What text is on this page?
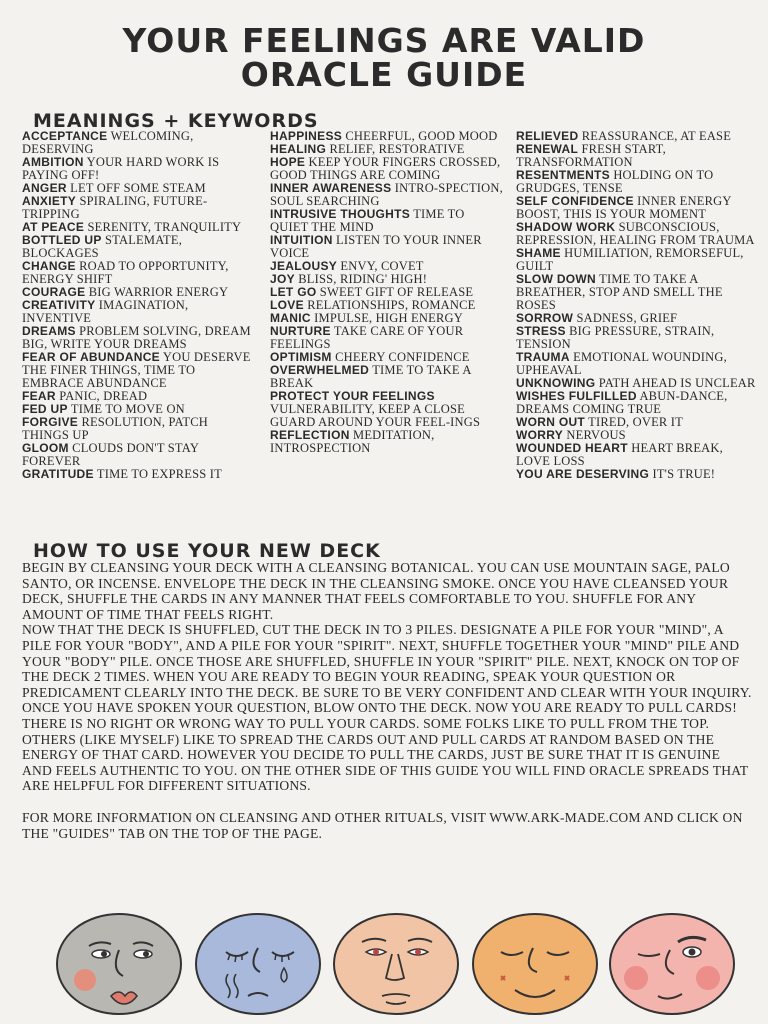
YOUR FEELINGS ARE VALID
ORACLE GUIDE
MEANINGS + KEYWORDS

ACCEPTANCE WELCOMING, DESERVING

AMBITION YOUR HARD WORK IS PAYING OFF!

ANGER LET OFF SOME STEAM

ANXIETY SPIRALING, FUTURE-TRIPPING

AT PEACE SERENITY, TRANQUILITY

BOTTLED UP STALEMATE, BLOCKAGES

CHANGE ROAD TO OPPORTUNITY, ENERGY SHIFT

COURAGE BIG WARRIOR ENERGY

CREATIVITY IMAGINATION, INVENTIVE

DREAMS PROBLEM SOLVING, DREAM BIG, WRITE YOUR DREAMS

FEAR OF ABUNDANCE YOU DESERVE THE FINER THINGS, TIME TO EMBRACE ABUNDANCE

FEAR PANIC, DREAD

FED UP TIME TO MOVE ON

FORGIVE RESOLUTION, PATCH THINGS UP

GLOOM CLOUDS DON'T STAY FOREVER

GRATITUDE TIME TO EXPRESS IT

HAPPINESS CHEERFUL, GOOD MOOD

HEALING RELIEF, RESTORATIVE

HOPE KEEP YOUR FINGERS CROSSED, GOOD THINGS ARE COMING

INNER AWARENESS INTRO-SPECTION, SOUL SEARCHING

INTRUSIVE THOUGHTS TIME TO QUIET THE MIND

INTUITION LISTEN TO YOUR INNER VOICE

JEALOUSY ENVY, COVET

JOY BLISS, RIDING' HIGH!

LET GO SWEET GIFT OF RELEASE

LOVE RELATIONSHIPS, ROMANCE

MANIC IMPULSE, HIGH ENERGY

NURTURE TAKE CARE OF YOUR FEELINGS

OPTIMISM CHEERY CONFIDENCE

OVERWHELMED TIME TO TAKE A BREAK

PROTECT YOUR FEELINGS VULNERABILITY, KEEP A CLOSE GUARD AROUND YOUR FEEL-INGS

REFLECTION MEDITATION, INTROSPECTION

RELIEVED REASSURANCE, AT EASE

RENEWAL FRESH START, TRANSFORMATION

RESENTMENTS HOLDING ON TO GRUDGES, TENSE

SELF CONFIDENCE INNER ENERGY BOOST, THIS IS YOUR MOMENT

SHADOW WORK SUBCONSCIOUS, REPRESSION, HEALING FROM TRAUMA

SHAME HUMILIATION, REMORSEFUL, GUILT

SLOW DOWN TIME TO TAKE A BREATHER, STOP AND SMELL THE ROSES

SORROW SADNESS, GRIEF

STRESS BIG PRESSURE, STRAIN, TENSION

TRAUMA EMOTIONAL WOUNDING, UPHEAVAL

UNKNOWING PATH AHEAD IS UNCLEAR

WISHES FULFILLED ABUN-DANCE, DREAMS COMING TRUE

WORN OUT TIRED, OVER IT

WORRY NERVOUS

WOUNDED HEART HEART BREAK, LOVE LOSS

YOU ARE DESERVING IT'S TRUE!

HOW TO USE YOUR NEW DECK

BEGIN BY CLEANSING YOUR DECK WITH A CLEANSING BOTANICAL. YOU CAN USE MOUNTAIN SAGE, PALO SANTO, OR INCENSE. ENVELOPE THE DECK IN THE CLEANSING SMOKE. ONCE YOU HAVE CLEANSED YOUR DECK, SHUFFLE THE CARDS IN ANY MANNER THAT FEELS COMFORTABLE TO YOU. SHUFFLE FOR ANY AMOUNT OF TIME THAT FEELS RIGHT.

NOW THAT THE DECK IS SHUFFLED, CUT THE DECK IN TO 3 PILES. DESIGNATE A PILE FOR YOUR "MIND", A PILE FOR YOUR "BODY", AND A PILE FOR YOUR "SPIRIT". NEXT, SHUFFLE TOGETHER YOUR "MIND" PILE AND YOUR "BODY" PILE. ONCE THOSE ARE SHUFFLED, SHUFFLE IN YOUR "SPIRIT" PILE. NEXT, KNOCK ON TOP OF THE DECK 2 TIMES. WHEN YOU ARE READY TO BEGIN YOUR READING, SPEAK YOUR QUESTION OR PREDICAMENT CLEARLY INTO THE DECK. BE SURE TO BE VERY CONFIDENT AND CLEAR WITH YOUR INQUIRY. ONCE YOU HAVE SPOKEN YOUR QUESTION, BLOW ONTO THE DECK. NOW YOU ARE READY TO PULL CARDS! THERE IS NO RIGHT OR WRONG WAY TO PULL YOUR CARDS. SOME FOLKS LIKE TO PULL FROM THE TOP. OTHERS (LIKE MYSELF) LIKE TO SPREAD THE CARDS OUT AND PULL CARDS AT RANDOM BASED ON THE ENERGY OF THAT CARD. HOWEVER YOU DECIDE TO PULL THE CARDS, JUST BE SURE THAT IT IS GENUINE AND FEELS AUTHENTIC TO YOU. ON THE OTHER SIDE OF THIS GUIDE YOU WILL FIND ORACLE SPREADS THAT ARE HELPFUL FOR DIFFERENT SITUATIONS.

FOR MORE INFORMATION ON CLEANSING AND OTHER RITUALS, VISIT WWW.ARK-MADE.COM AND CLICK ON THE "GUIDES" TAB ON THE TOP OF THE PAGE.
